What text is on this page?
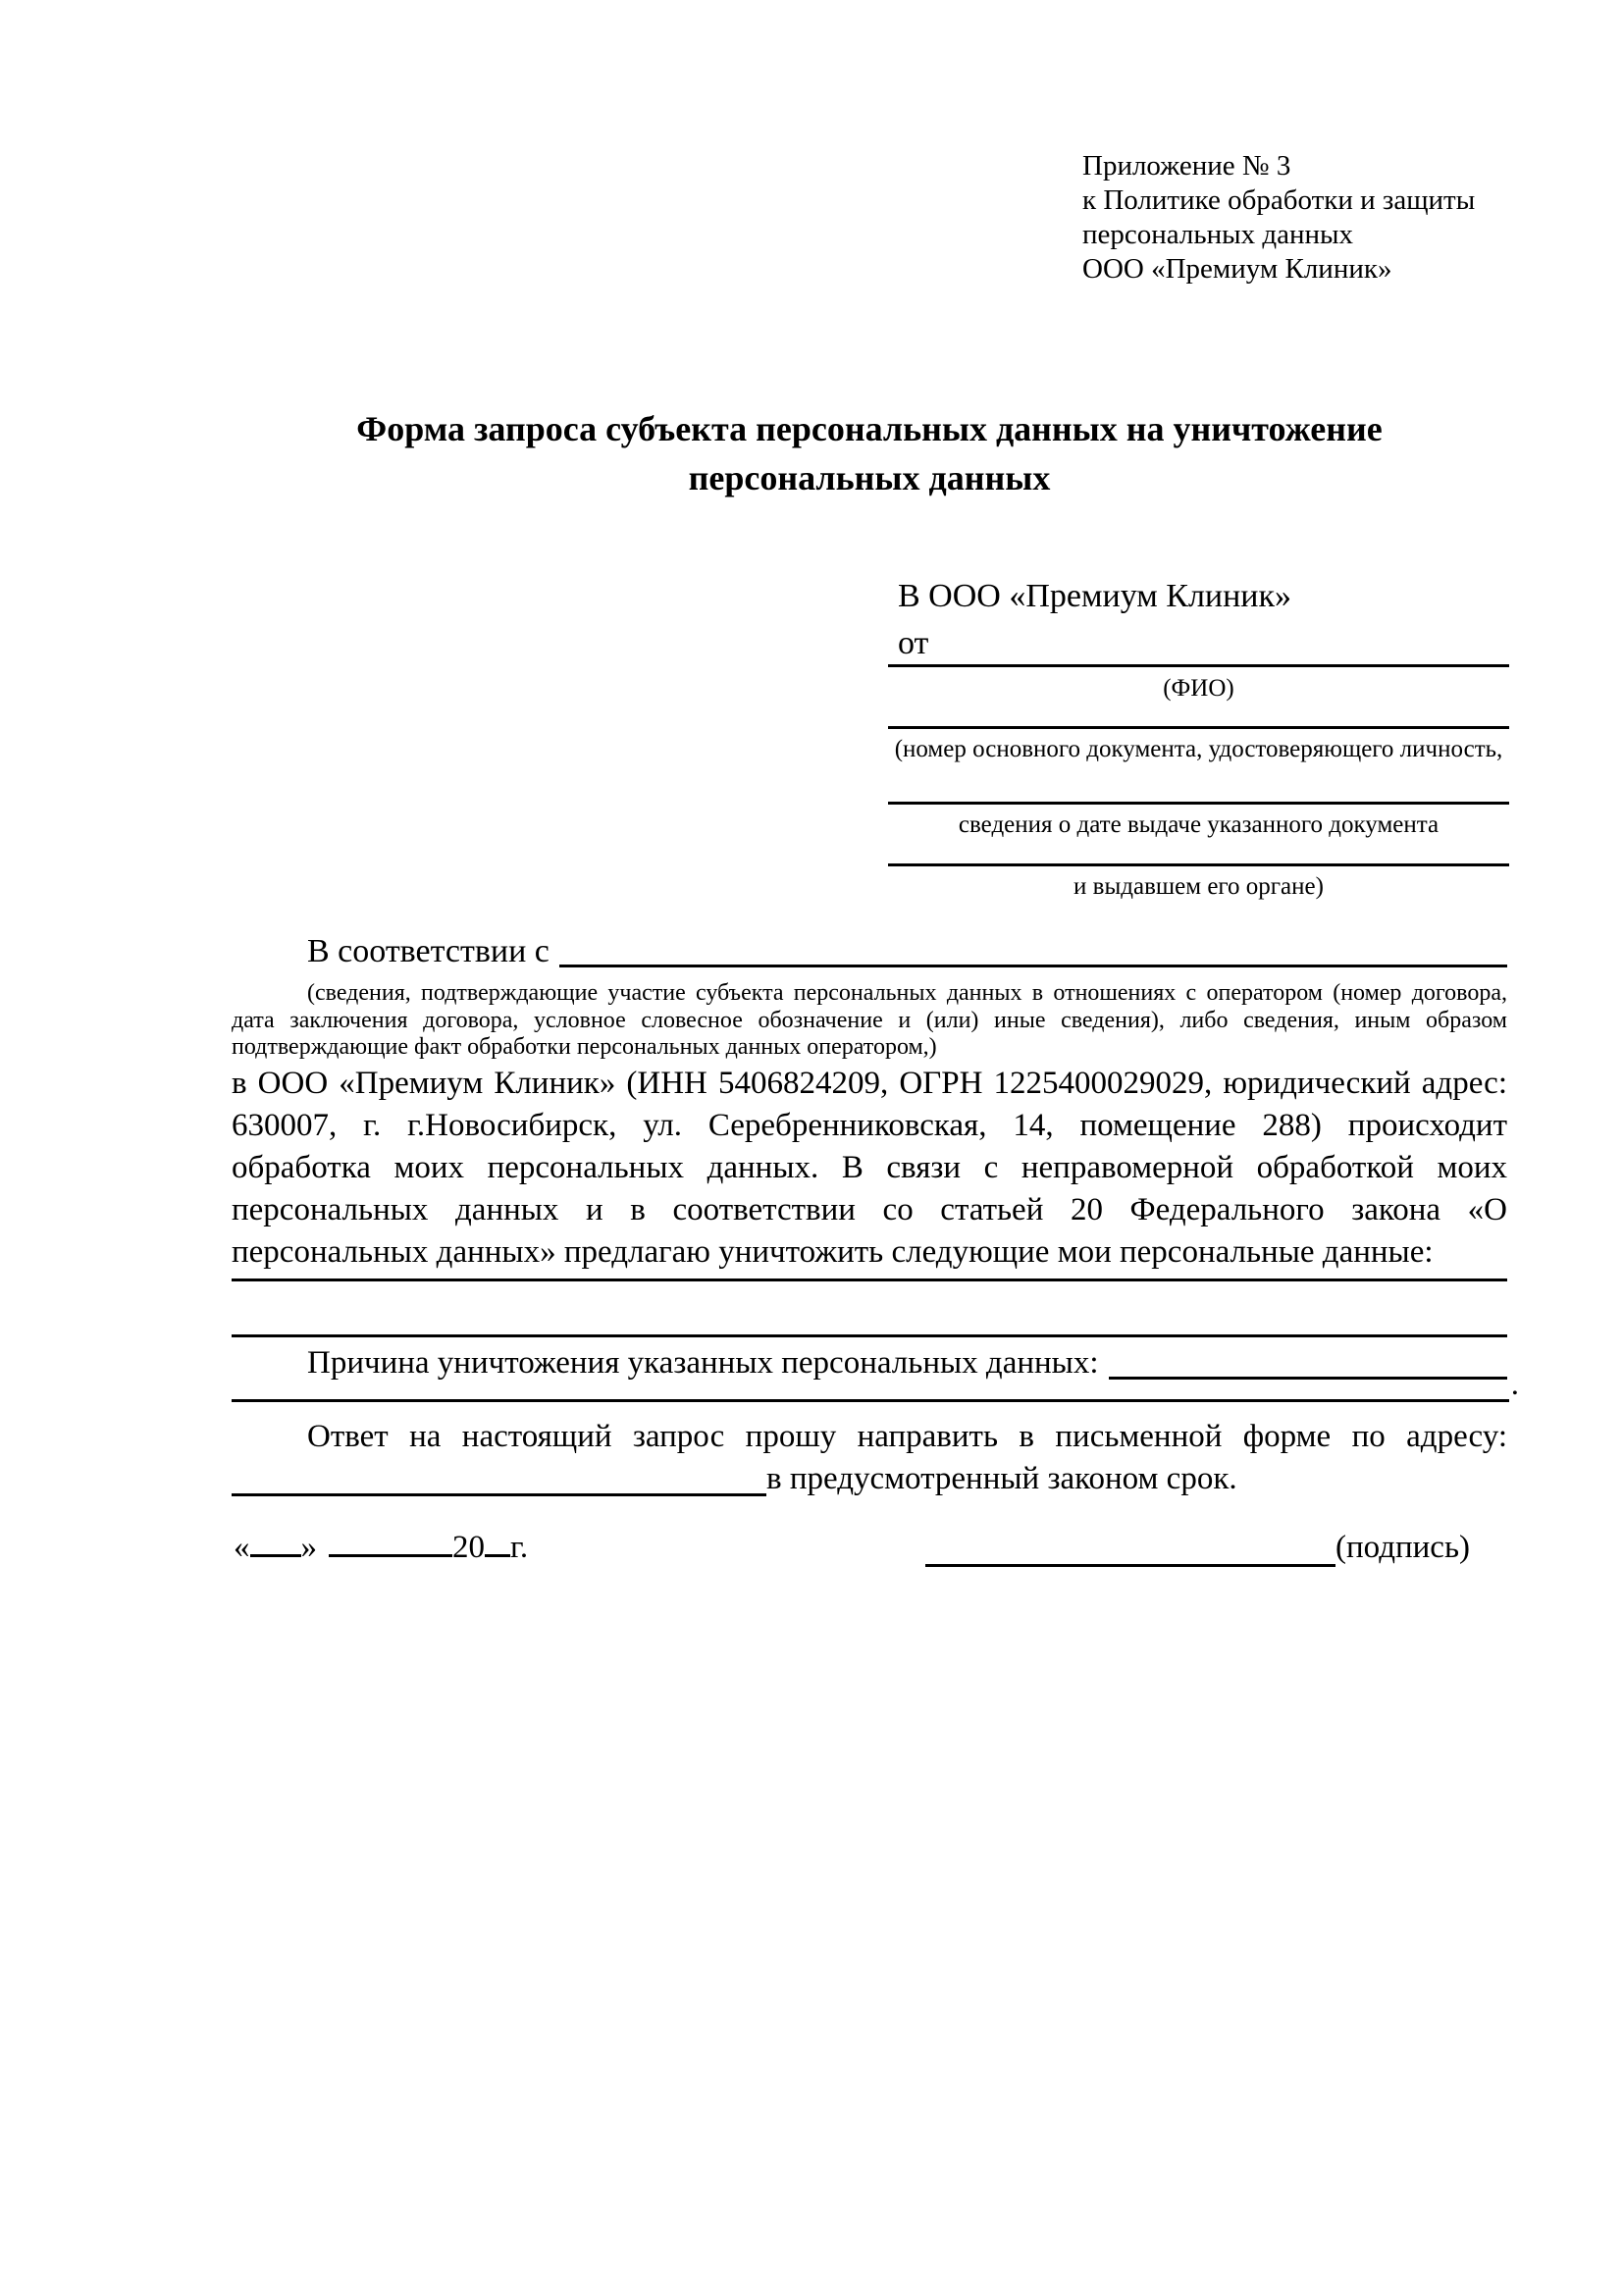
Приложение № 3
к Политике обработки и защиты
персональных данных
ООО «Премиум Клиник»
Форма запроса субъекта персональных данных на уничтожение
персональных данных
В ООО «Премиум Клиник»
от
(ФИО)
(номер основного документа, удостоверяющего личность,
сведения о дате выдаче указанного документа
и выдавшем его органе)
В соответствии с
(сведения, подтверждающие участие субъекта персональных данных в отношениях с оператором (номер договора, дата заключения договора, условное словесное обозначение и (или) иные сведения), либо сведения, иным образом подтверждающие факт обработки персональных данных оператором,)
в ООО «Премиум Клиник» (ИНН 5406824209, ОГРН 1225400029029, юридический адрес: 630007, г. г.Новосибирск, ул. Серебренниковская, 14, помещение 288) происходит обработка моих персональных данных. В связи с неправомерной обработкой моих персональных данных и в соответствии со статьей 20 Федерального закона «О персональных данных» предлагаю уничтожить следующие мои персональные данные:
Причина уничтожения указанных персональных данных:
.
Ответ на настоящий запрос прошу направить в письменной форме по адресу:
в предусмотренный законом срок.
« »	20 г.	(подпись)
